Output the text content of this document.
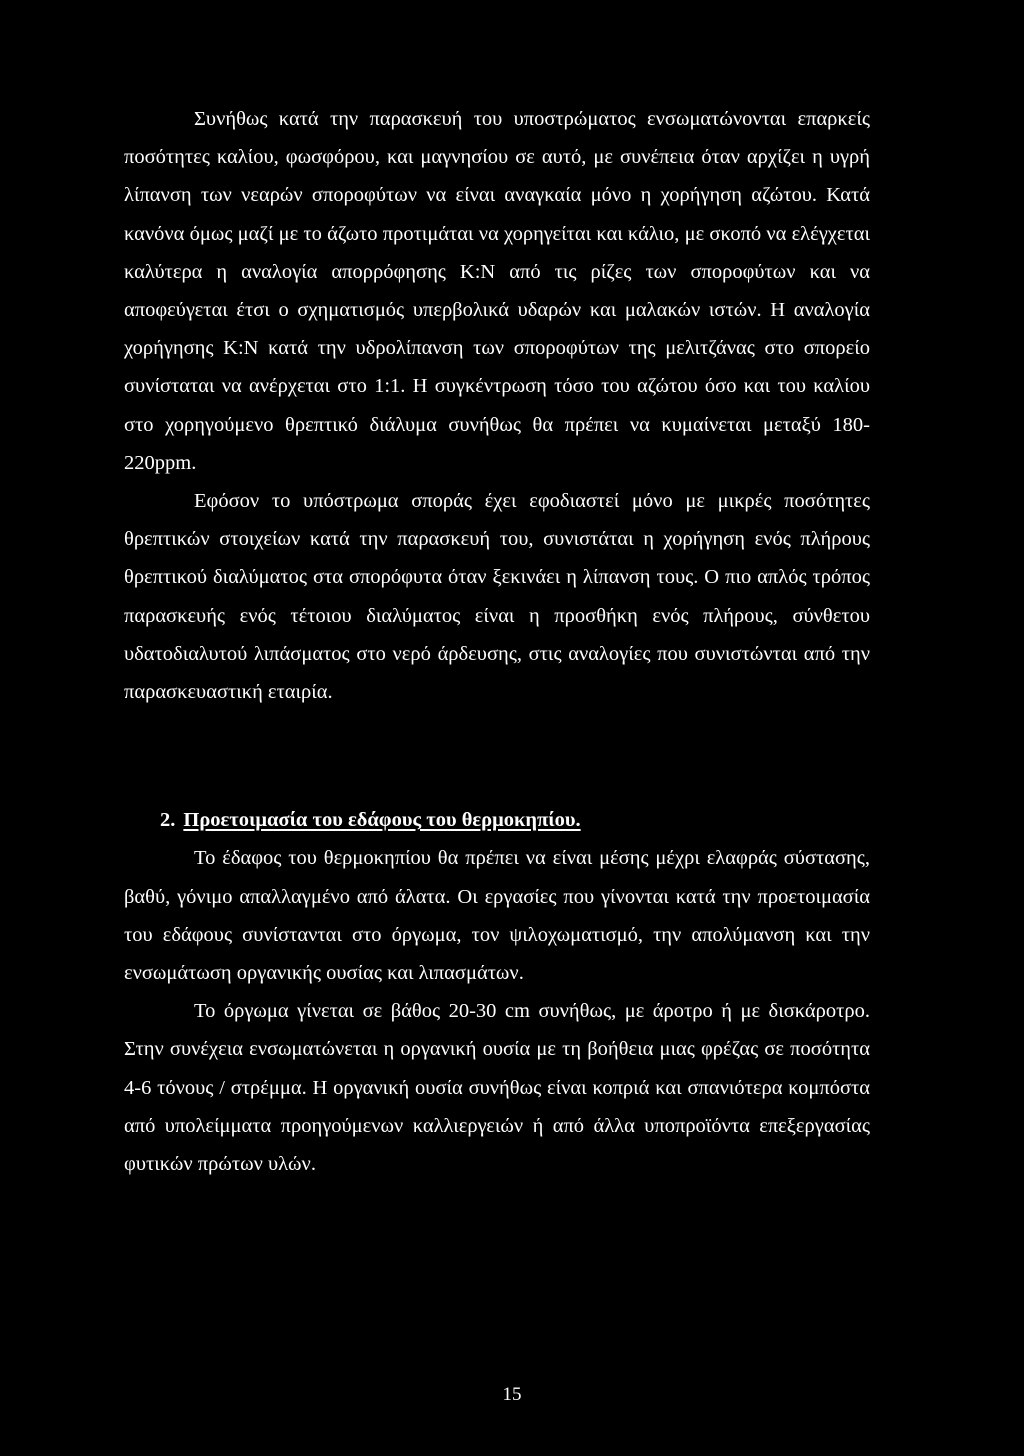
Συνήθως κατά την παρασκευή του υποστρώματος ενσωματώνονται επαρκείς ποσότητες καλίου, φωσφόρου, και μαγνησίου σε αυτό, με συνέπεια όταν αρχίζει η υγρή λίπανση των νεαρών σποροφύτων να είναι αναγκαία μόνο η χορήγηση αζώτου. Κατά κανόνα όμως μαζί με το άζωτο προτιμάται να χορηγείται και κάλιο, με σκοπό να ελέγχεται καλύτερα η αναλογία απορρόφησης Κ:Ν από τις ρίζες των σποροφύτων και να αποφεύγεται έτσι ο σχηματισμός υπερβολικά υδαρών και μαλακών ιστών. Η αναλογία χορήγησης Κ:Ν κατά την υδρολίπανση των σποροφύτων της μελιτζάνας στο σπορείο συνίσταται να ανέρχεται στο 1:1. Η συγκέντρωση τόσο του αζώτου όσο και του καλίου στο χορηγούμενο θρεπτικό διάλυμα συνήθως θα πρέπει να κυμαίνεται μεταξύ 180-220ppm.

Εφόσον το υπόστρωμα σποράς έχει εφοδιαστεί μόνο με μικρές ποσότητες θρεπτικών στοιχείων κατά την παρασκευή του, συνιστάται η χορήγηση ενός πλήρους θρεπτικού διαλύματος στα σπορόφυτα όταν ξεκινάει η λίπανση τους. Ο πιο απλός τρόπος παρασκευής ενός τέτοιου διαλύματος είναι η προσθήκη ενός πλήρους, σύνθετου υδατοδιαλυτού λιπάσματος στο νερό άρδευσης, στις αναλογίες που συνιστώνται από την παρασκευαστική εταιρία.

2. Προετοιμασία του εδάφους του θερμοκηπίου.

Το έδαφος του θερμοκηπίου θα πρέπει να είναι μέσης μέχρι ελαφράς σύστασης, βαθύ, γόνιμο απαλλαγμένο από άλατα. Οι εργασίες που γίνονται κατά την προετοιμασία του εδάφους συνίστανται στο όργωμα, τον ψιλοχωματισμό, την απολύμανση και την ενσωμάτωση οργανικής ουσίας και λιπασμάτων.

Το όργωμα γίνεται σε βάθος 20-30 cm συνήθως, με άροτρο ή με δισκάροτρο. Στην συνέχεια ενσωματώνεται η οργανική ουσία με τη βοήθεια μιας φρέζας σε ποσότητα 4-6 τόνους / στρέμμα. Η οργανική ουσία συνήθως είναι κοπριά και σπανιότερα κομπόστα από υπολείμματα προηγούμενων καλλιεργειών ή από άλλα υποπροϊόντα επεξεργασίας φυτικών πρώτων υλών.

15
